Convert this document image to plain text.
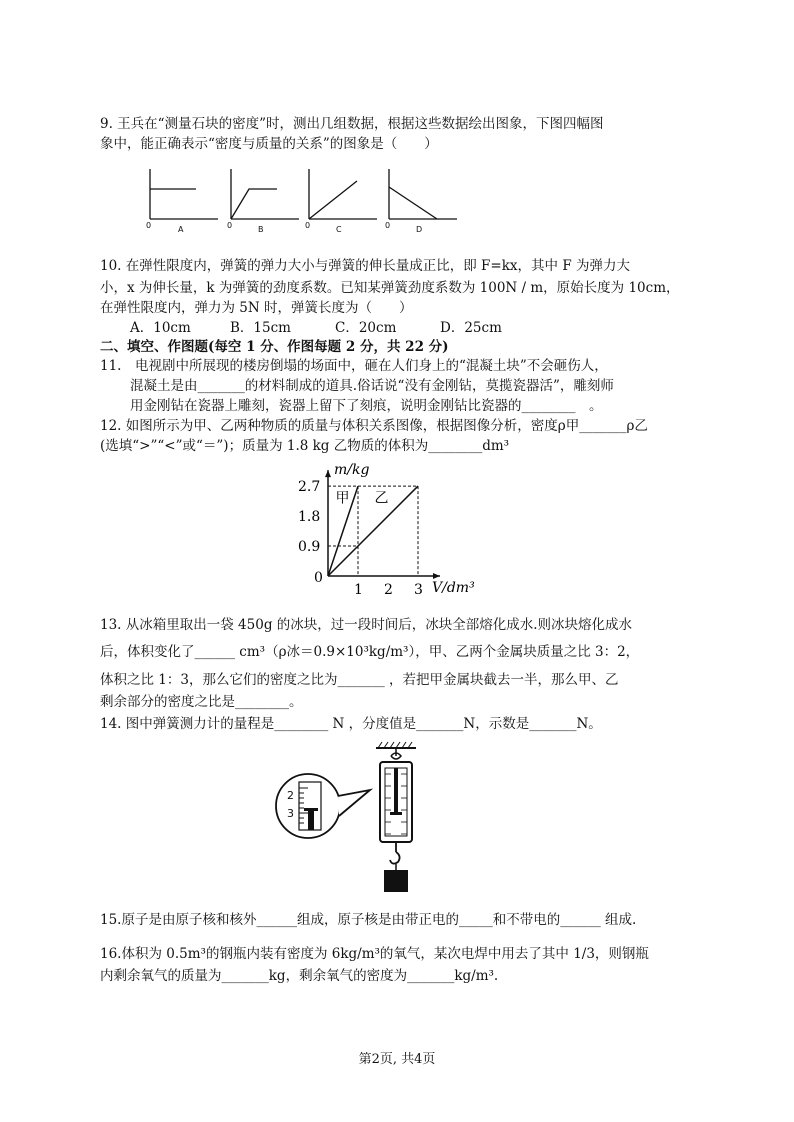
9. 王兵在“测量石块的密度”时，测出几组数据，根据这些数据绘出图象，下图四幅图
象中，能正确表示“密度与质量的关系”的图象是（　　）
0	0	0	0
A	B	C	D
10. 在弹性限度内，弹簧的弹力大小与弹簧的伸长量成正比，即 F=kx，其中 F 为弹力大
小，x 为伸长量，k 为弹簧的劲度系数。已知某弹簧劲度系数为 100N / m，原始长度为 10cm，
在弹性限度内，弹力为 5N 时，弹簧长度为（　　）
A．10cm	B．15cm	C．20cm	D．25cm
二、填空、作图题(每空 1 分、作图每题 2 分，共 22 分)
11.　电视剧中所展现的楼房倒塌的场面中，砸在人们身上的“混凝土块”不会砸伤人，
混凝土是由_______的材料制成的道具.俗话说“没有金刚钻，莫揽瓷器活”，雕刻师
用金刚钻在瓷器上雕刻，瓷器上留下了刻痕，说明金刚钻比瓷器的________　。
12. 如图所示为甲、乙两种物质的质量与体积关系图像，根据图像分析，密度ρ甲_______ρ乙
(选填“>”“<”或“＝”)；质量为 1.8 kg 乙物质的体积为________dm³
m/kg
V/dm³
0
0.9
1.8
2.7
1 2 3
甲 乙
13. 从冰箱里取出一袋 450g 的冰块，过一段时间后，冰块全部熔化成水.则冰块熔化成水
后，体积变化了______ cm³（ρ冰＝0.9×10³kg/m³），甲、乙两个金属块质量之比 3：2，
体积之比 1：3，那么它们的密度之比为_______ ，若把甲金属块截去一半，那么甲、乙
剩余部分的密度之比是________。
14. 图中弹簧测力计的量程是________ N ，分度值是_______N，示数是_______N。
2
3
15.原子是由原子核和核外______组成，原子核是由带正电的_____和不带电的______ 组成.
16.体积为 0.5m³的钢瓶内装有密度为 6kg/m³的氧气，某次电焊中用去了其中 1/3，则钢瓶
内剩余氧气的质量为_______kg，剩余氧气的密度为_______kg/m³.
第2页, 共4页
